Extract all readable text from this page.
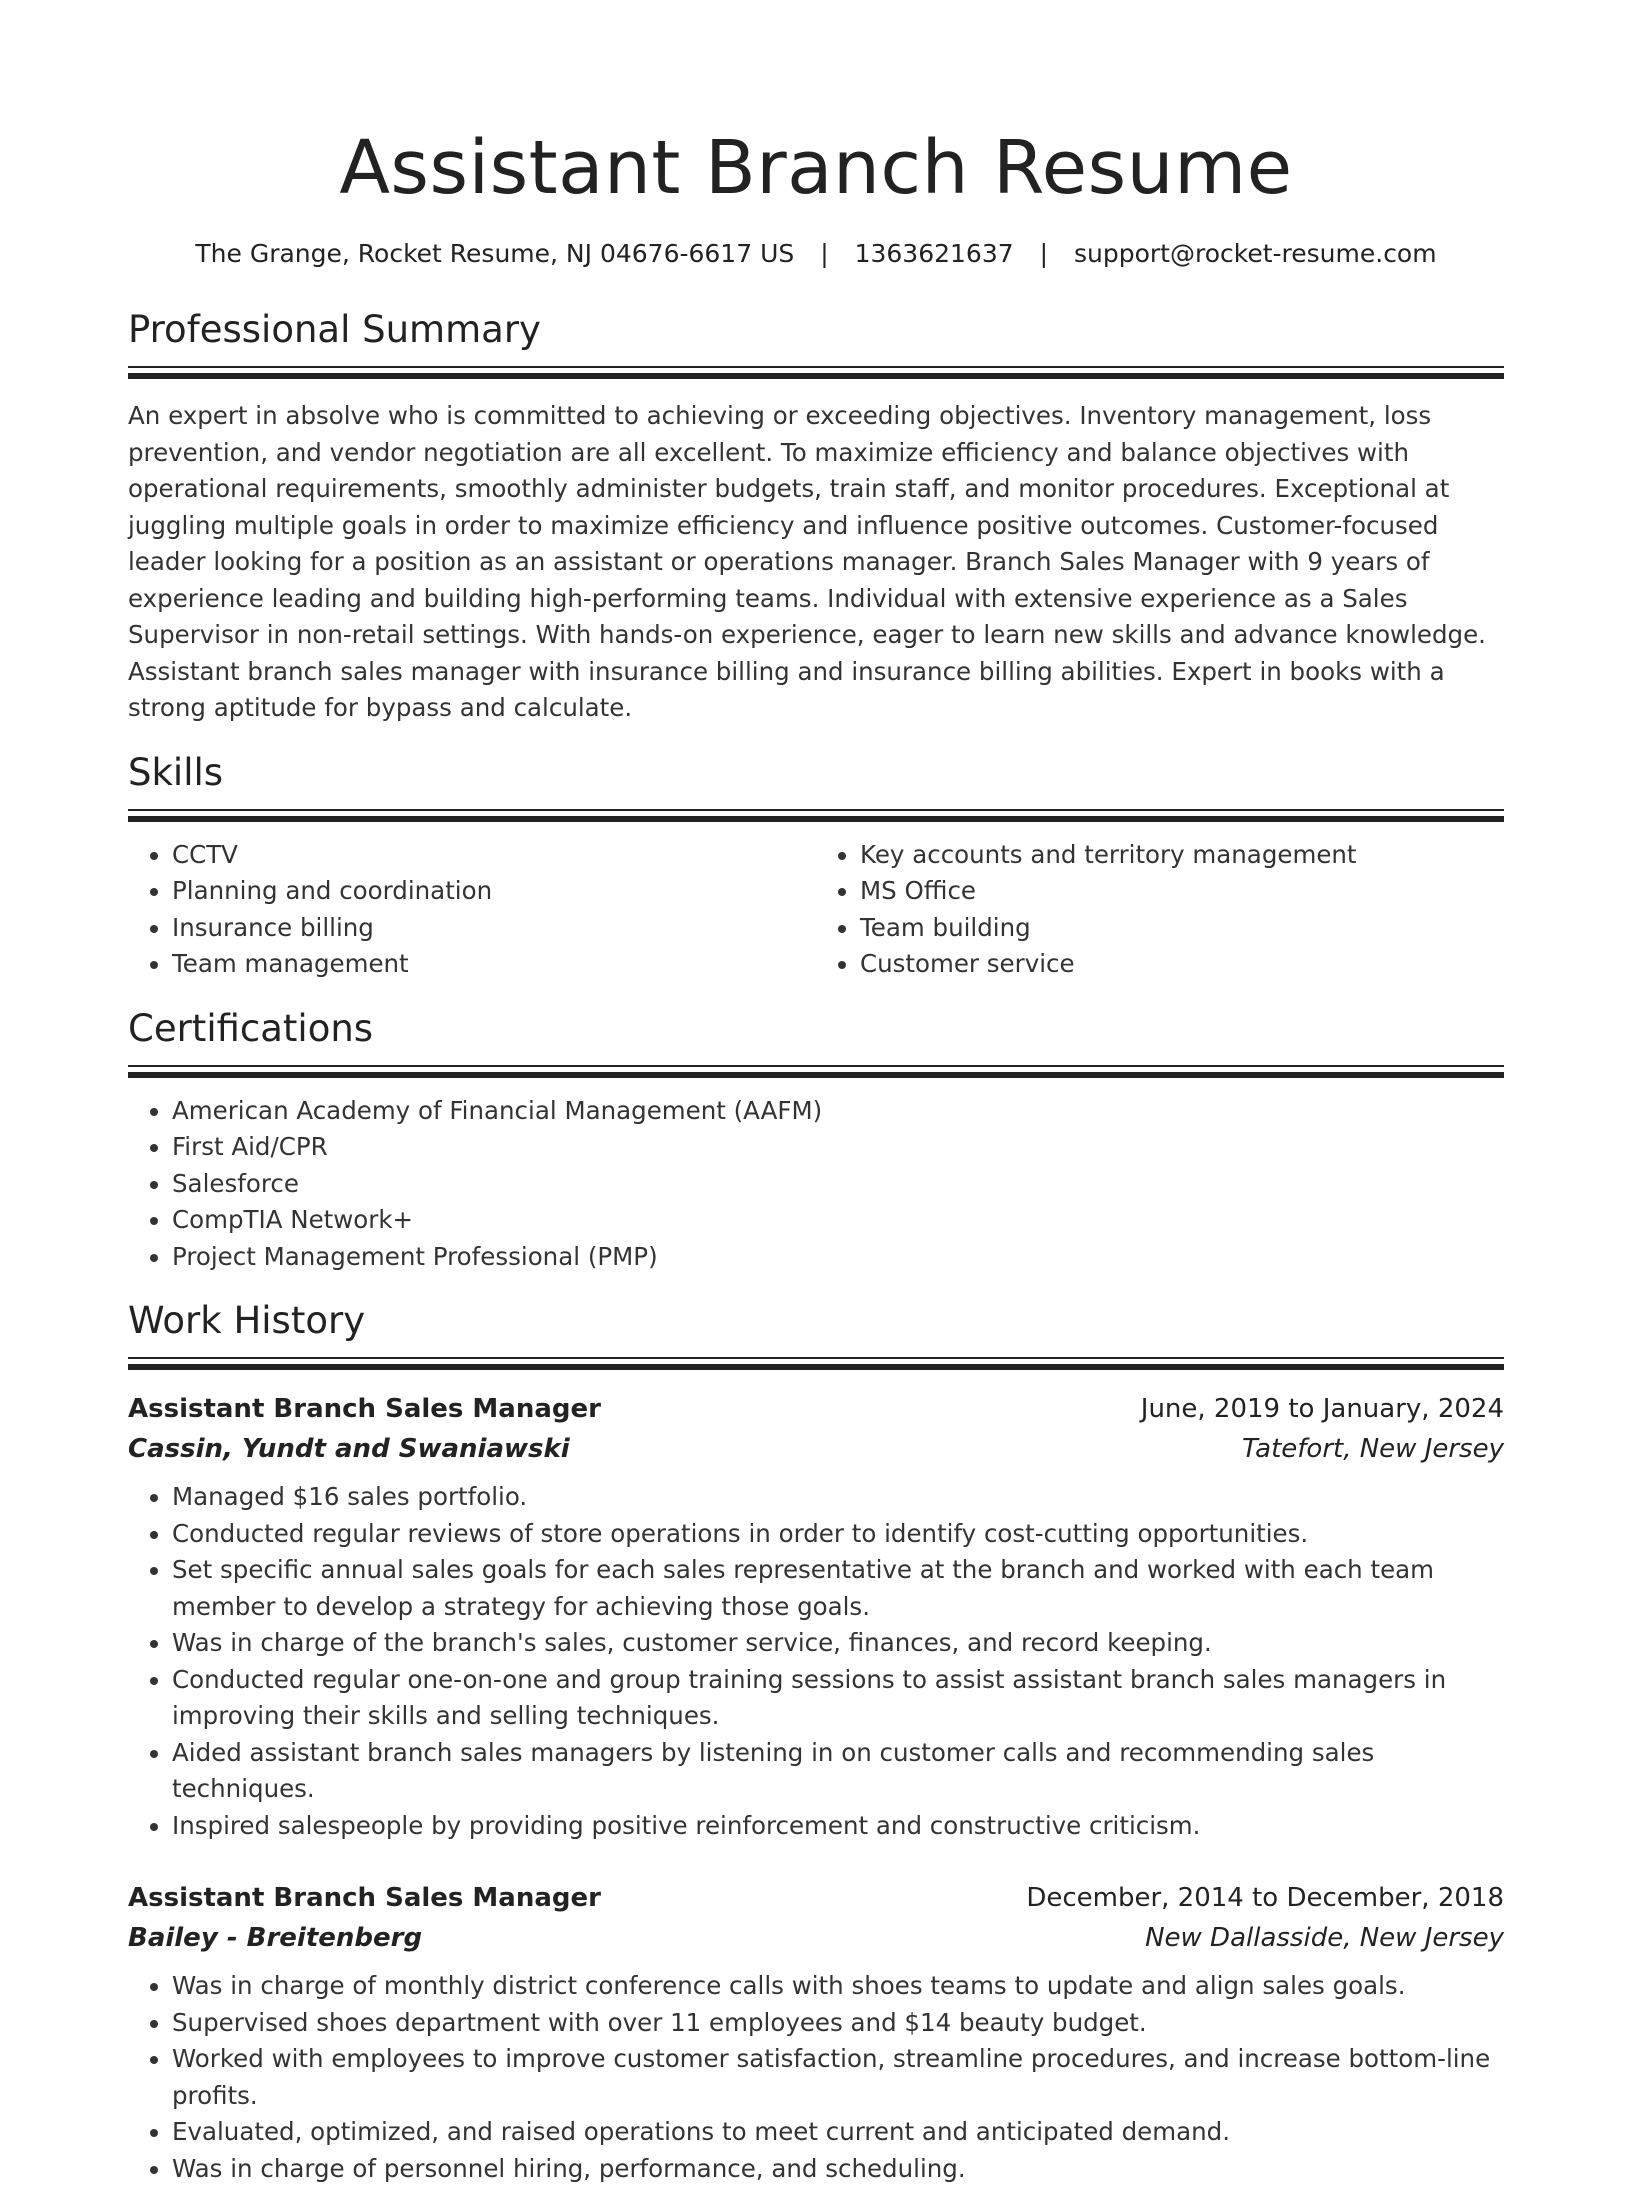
Assistant Branch Resume
The Grange, Rocket Resume, NJ 04676-6617 US | 1363621637 | support@rocket-resume.com
Professional Summary
An expert in absolve who is committed to achieving or exceeding objectives. Inventory management, loss prevention, and vendor negotiation are all excellent. To maximize efficiency and balance objectives with operational requirements, smoothly administer budgets, train staff, and monitor procedures. Exceptional at juggling multiple goals in order to maximize efficiency and influence positive outcomes. Customer-focused leader looking for a position as an assistant or operations manager. Branch Sales Manager with 9 years of experience leading and building high-performing teams. Individual with extensive experience as a Sales Supervisor in non-retail settings. With hands-on experience, eager to learn new skills and advance knowledge. Assistant branch sales manager with insurance billing and insurance billing abilities. Expert in books with a strong aptitude for bypass and calculate.
Skills
• CCTV
• Planning and coordination
• Insurance billing
• Team management
• Key accounts and territory management
• MS Office
• Team building
• Customer service
Certifications
• American Academy of Financial Management (AAFM)
• First Aid/CPR
• Salesforce
• CompTIA Network+
• Project Management Professional (PMP)
Work History
Assistant Branch Sales Manager	June, 2019 to January, 2024
Cassin, Yundt and Swaniawski	Tatefort, New Jersey
• Managed $16 sales portfolio.
• Conducted regular reviews of store operations in order to identify cost-cutting opportunities.
• Set specific annual sales goals for each sales representative at the branch and worked with each team member to develop a strategy for achieving those goals.
• Was in charge of the branch's sales, customer service, finances, and record keeping.
• Conducted regular one-on-one and group training sessions to assist assistant branch sales managers in improving their skills and selling techniques.
• Aided assistant branch sales managers by listening in on customer calls and recommending sales techniques.
• Inspired salespeople by providing positive reinforcement and constructive criticism.
Assistant Branch Sales Manager	December, 2014 to December, 2018
Bailey - Breitenberg	New Dallasside, New Jersey
• Was in charge of monthly district conference calls with shoes teams to update and align sales goals.
• Supervised shoes department with over 11 employees and $14 beauty budget.
• Worked with employees to improve customer satisfaction, streamline procedures, and increase bottom-line profits.
• Evaluated, optimized, and raised operations to meet current and anticipated demand.
• Was in charge of personnel hiring, performance, and scheduling.
